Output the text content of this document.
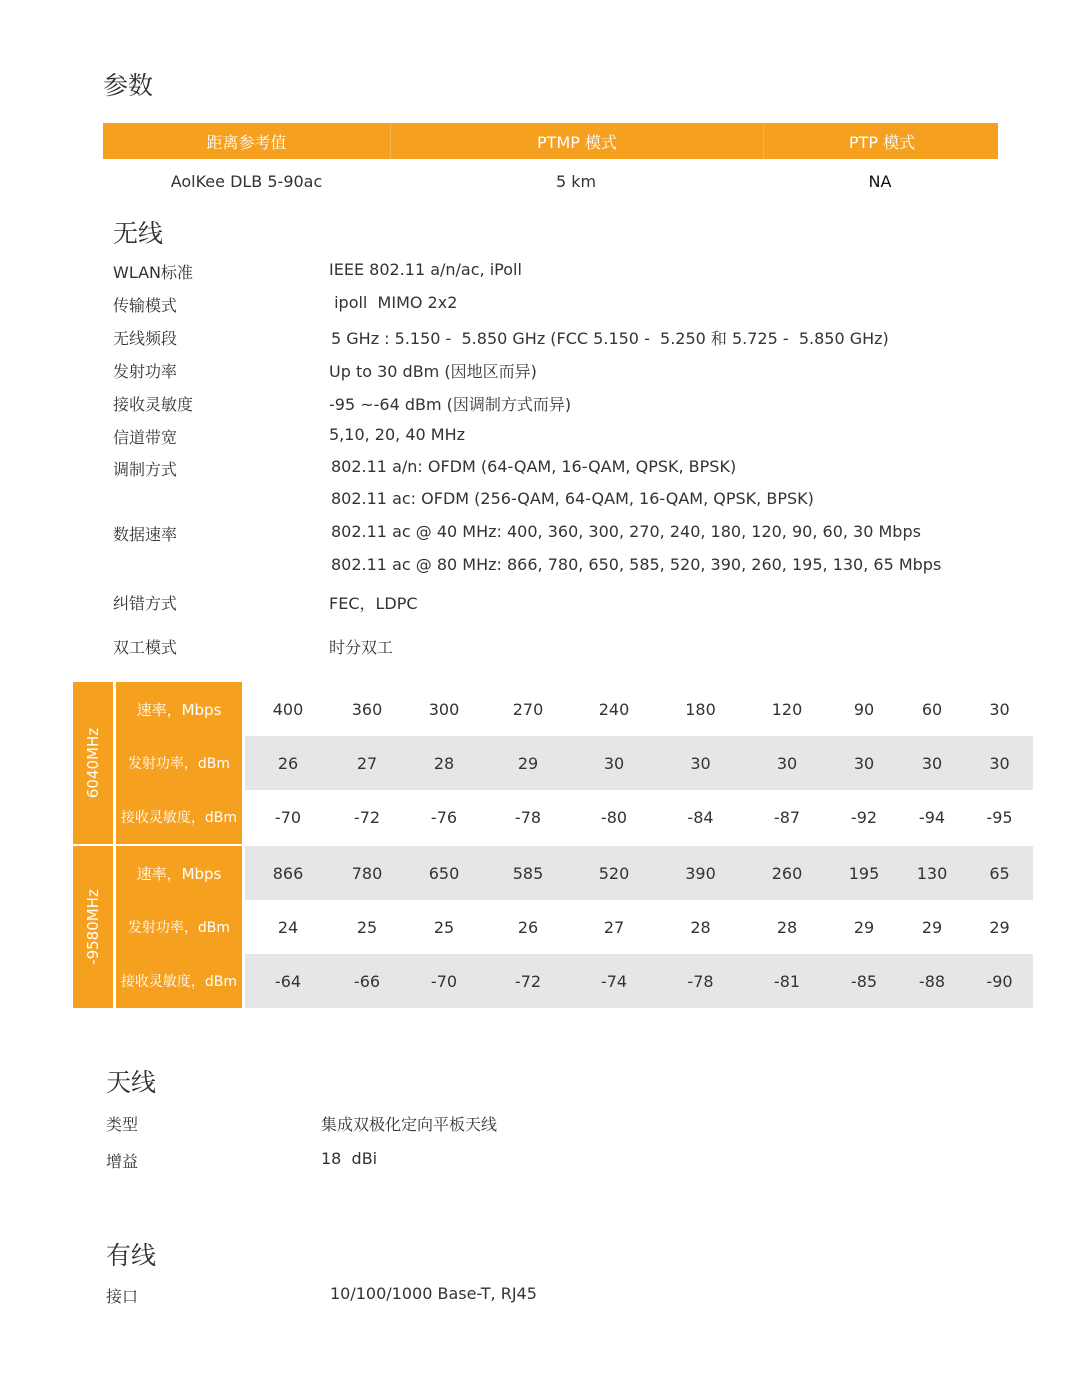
参数
距离参考值	PTMP 模式	PTP 模式
AolKee DLB 5-90ac	5 km	NA
无线
WLAN标准	IEEE 802.11 a/n/ac, iPoll
传输模式	ipoll  MIMO 2x2
无线频段	5 GHz : 5.150 -  5.850 GHz (FCC 5.150 -  5.250 和 5.725 -  5.850 GHz)
发射功率	Up to 30 dBm (因地区而异)
接收灵敏度	-95 ~-64 dBm (因调制方式而异)
信道带宽	5,10, 20, 40 MHz
调制方式	802.11 a/n: OFDM (64-QAM, 16-QAM, QPSK, BPSK)
802.11 ac: OFDM (256-QAM, 64-QAM, 16-QAM, QPSK, BPSK)
数据速率	802.11 ac @ 40 MHz: 400, 360, 300, 270, 240, 180, 120, 90, 60, 30 Mbps
802.11 ac @ 80 MHz: 866, 780, 650, 585, 520, 390, 260, 195, 130, 65 Mbps
纠错方式	FEC，LDPC
双工模式	时分双工
6040MHz
速率，Mbps	400	360	300	270	240	180	120	90	60	30
发射功率，dBm	26	27	28	29	30	30	30	30	30	30
接收灵敏度，dBm	-70	-72	-76	-78	-80	-84	-87	-92	-94	-95
-9580MHz
速率，Mbps	866	780	650	585	520	390	260	195	130	65
发射功率，dBm	24	25	25	26	27	28	28	29	29	29
接收灵敏度，dBm	-64	-66	-70	-72	-74	-78	-81	-85	-88	-90
天线
类型	集成双极化定向平板天线
增益	18  dBi
有线
接口	10/100/1000 Base-T, RJ45
